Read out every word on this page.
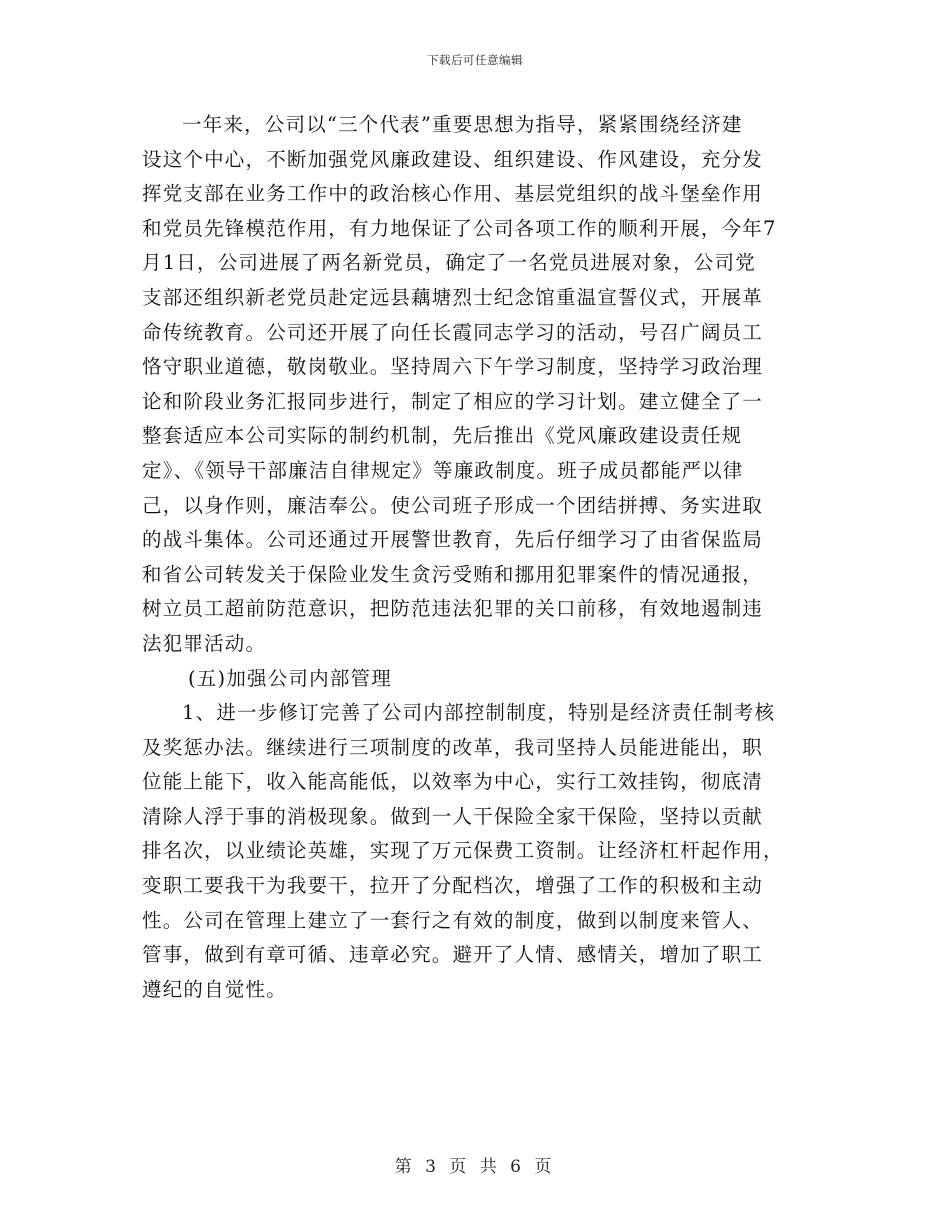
下载后可任意编辑
一年来，公司以“三个代表”重要思想为指导，紧紧围绕经济建
设这个中心，不断加强党风廉政建设、组织建设、作风建设，充分发
挥党支部在业务工作中的政治核心作用、基层党组织的战斗堡垒作用
和党员先锋模范作用，有力地保证了公司各项工作的顺利开展，今年7
月1日，公司进展了两名新党员，确定了一名党员进展对象，公司党
支部还组织新老党员赴定远县藕塘烈士纪念馆重温宣誓仪式，开展革
命传统教育。公司还开展了向任长霞同志学习的活动，号召广阔员工
恪守职业道德，敬岗敬业。坚持周六下午学习制度，坚持学习政治理
论和阶段业务汇报同步进行，制定了相应的学习计划。建立健全了一
整套适应本公司实际的制约机制，先后推出《党风廉政建设责任规
定》、《领导干部廉洁自律规定》等廉政制度。班子成员都能严以律
己，以身作则，廉洁奉公。使公司班子形成一个团结拼搏、务实进取
的战斗集体。公司还通过开展警世教育，先后仔细学习了由省保监局
和省公司转发关于保险业发生贪污受贿和挪用犯罪案件的情况通报，
树立员工超前防范意识，把防范违法犯罪的关口前移，有效地遏制违
法犯罪活动。
(五)加强公司内部管理
1、进一步修订完善了公司内部控制制度，特别是经济责任制考核
及奖惩办法。继续进行三项制度的改革，我司坚持人员能进能出，职
位能上能下，收入能高能低，以效率为中心，实行工效挂钩，彻底清
清除人浮于事的消极现象。做到一人干保险全家干保险，坚持以贡献
排名次，以业绩论英雄，实现了万元保费工资制。让经济杠杆起作用，
变职工要我干为我要干，拉开了分配档次，增强了工作的积极和主动
性。公司在管理上建立了一套行之有效的制度，做到以制度来管人、
管事，做到有章可循、违章必究。避开了人情、感情关，增加了职工
遵纪的自觉性。
第 3 页 共 6 页
